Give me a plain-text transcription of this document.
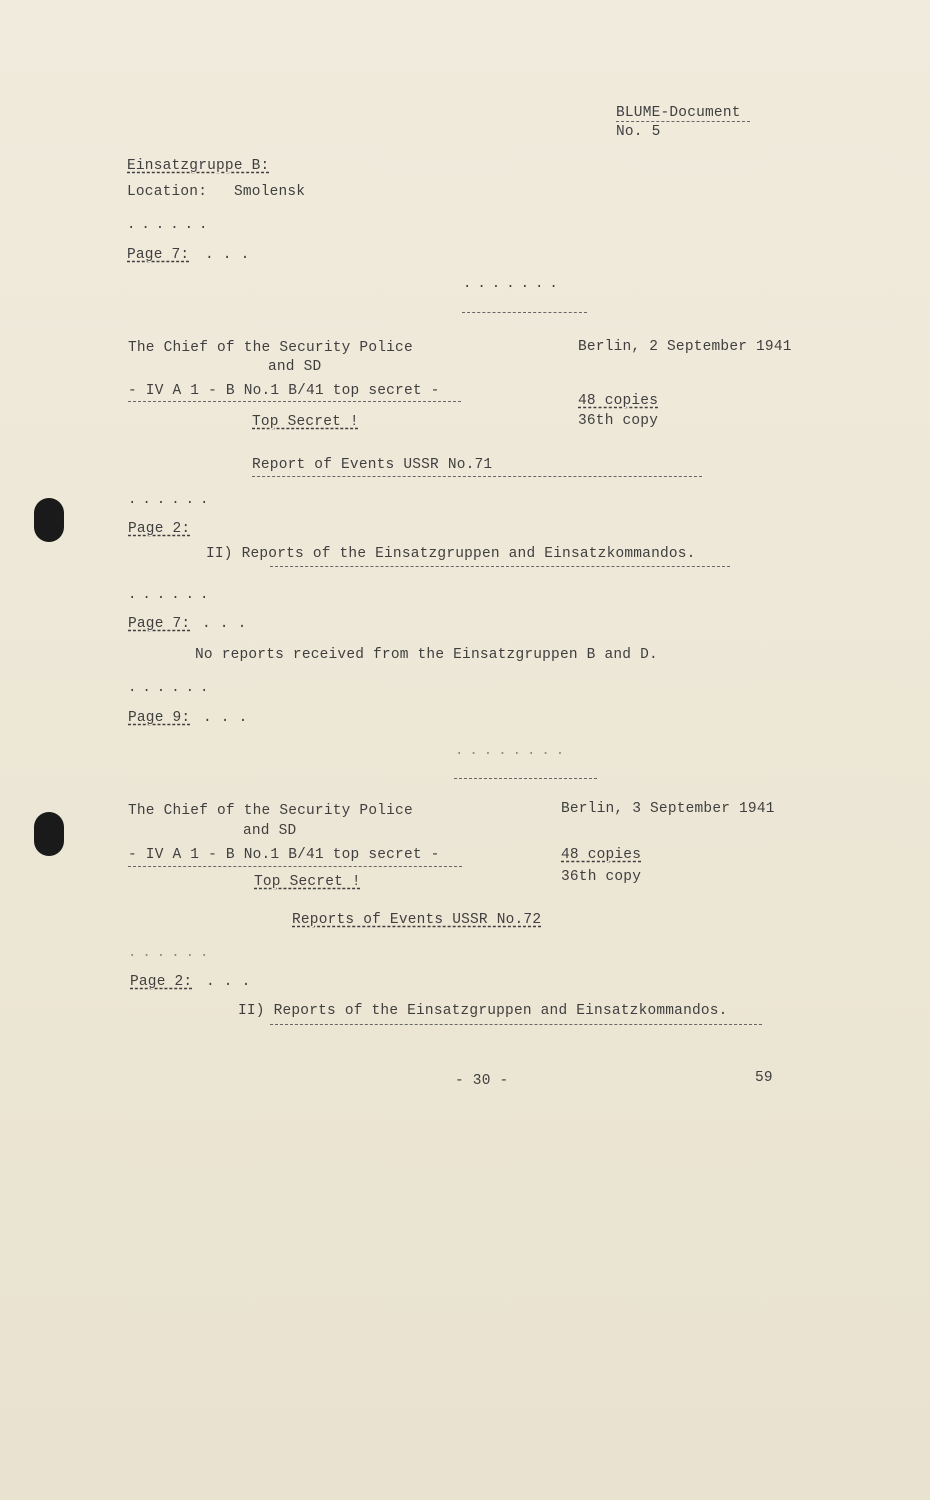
BLUME-Document
No. 5
Einsatzgruppe B:
Location: Smolensk
......
Page 7: . . .
.......
The Chief of the Security Police
and SD
Berlin, 2 September 1941
- IV A 1 - B No.1 B/41 top secret -
48 copies
Top Secret !	36th copy
Report of Events USSR No.71
......
Page 2:
II) Reports of the Einsatzgruppen and Einsatzkommandos.
......
Page 7: . . .
No reports received from the Einsatzgruppen B and D.
......
Page 9: . . .
........
The Chief of the Security Police
and SD
Berlin, 3 September 1941
- IV A 1 - B No.1 B/41 top secret -	48 copies
Top Secret !	36th copy
Reports of Events USSR No.72
......
Page 2: . . .
II) Reports of the Einsatzgruppen and Einsatzkommandos.
- 30 -	59
